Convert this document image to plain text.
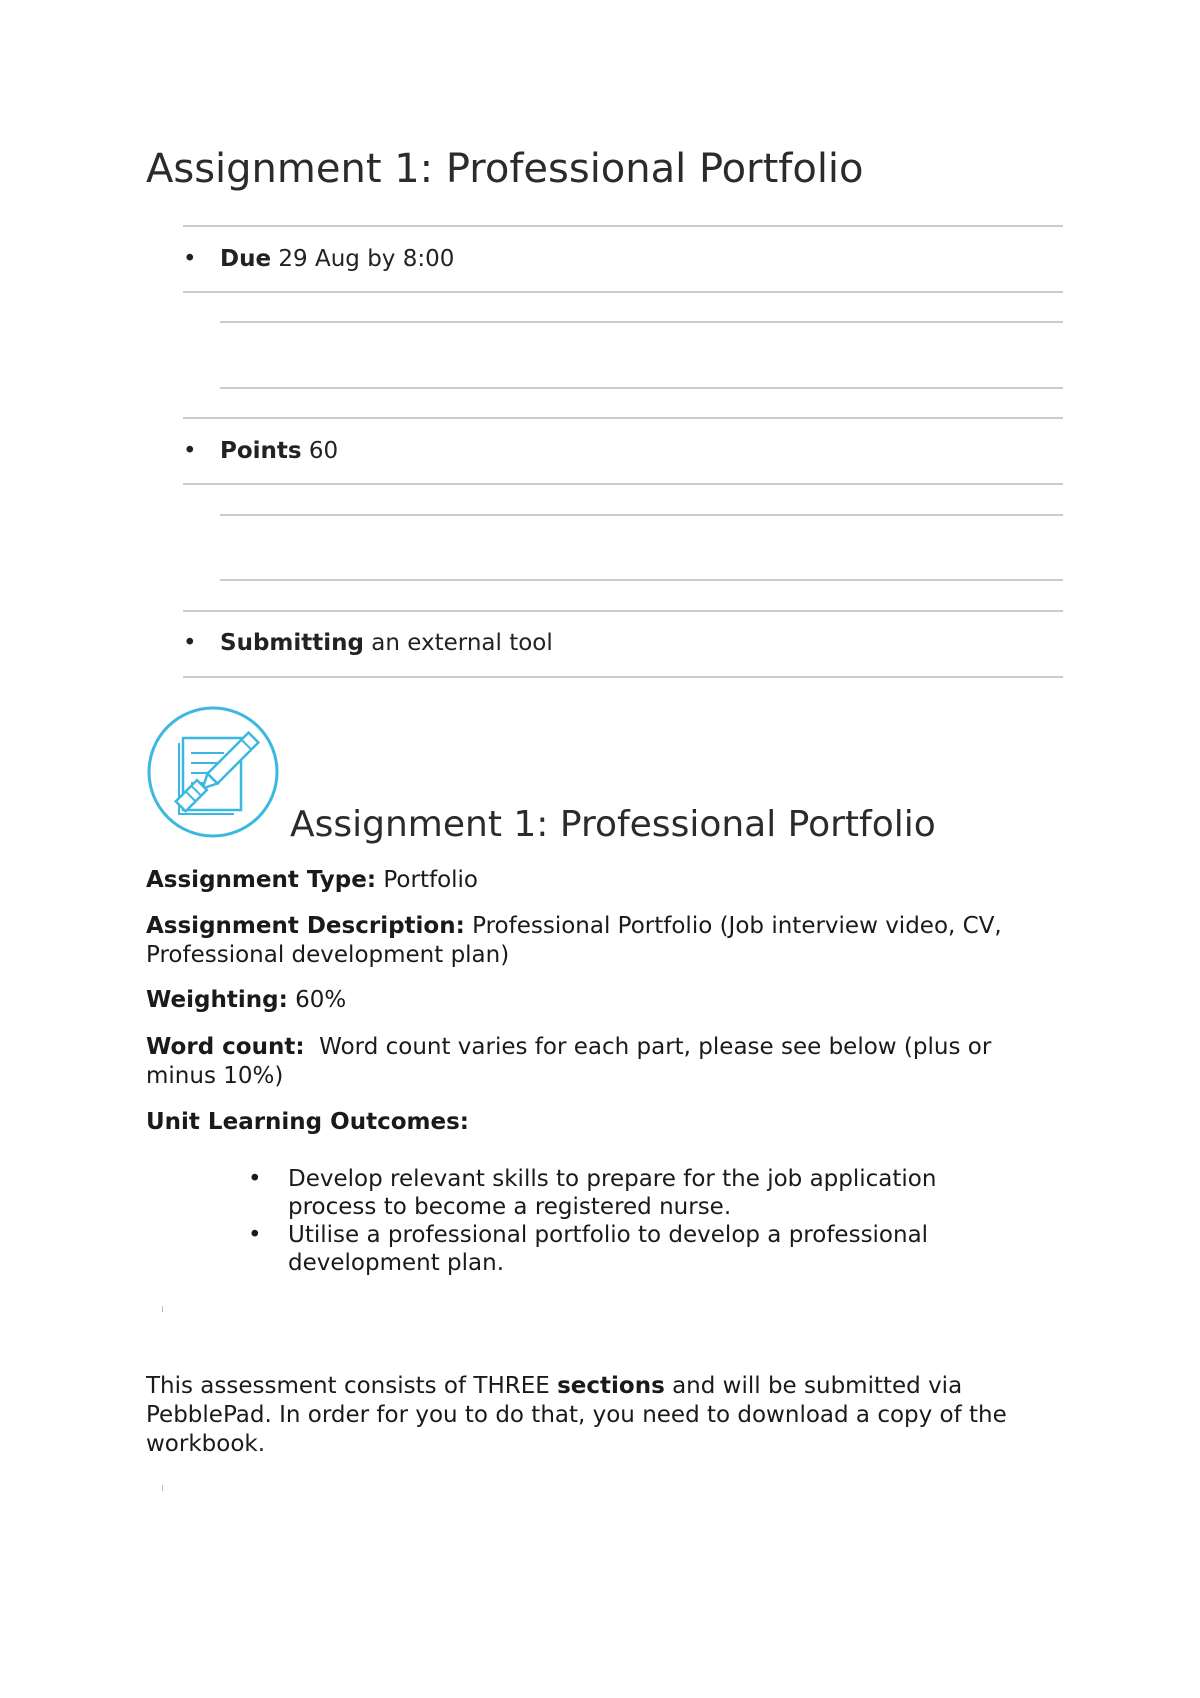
Assignment 1: Professional Portfolio
• Due 29 Aug by 8:00
• Points 60
• Submitting an external tool
Assignment 1: Professional Portfolio
Assignment Type: Portfolio
Assignment Description: Professional Portfolio (Job interview video, CV, Professional development plan)
Weighting: 60%
Word count: Word count varies for each part, please see below (plus or minus 10%)
Unit Learning Outcomes:
• Develop relevant skills to prepare for the job application process to become a registered nurse.
• Utilise a professional portfolio to develop a professional development plan.
This assessment consists of THREE sections and will be submitted via PebblePad. In order for you to do that, you need to download a copy of the workbook.
